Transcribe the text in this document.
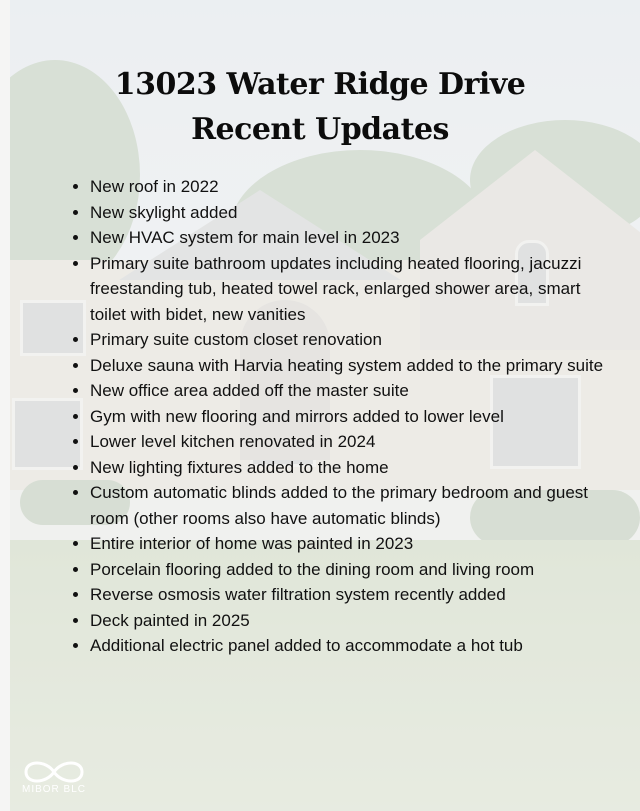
13023 Water Ridge Drive
Recent Updates
• New roof in 2022
• New skylight added
• New HVAC system for main level in 2023
• Primary suite bathroom updates including heated flooring, jacuzzi freestanding tub, heated towel rack, enlarged shower area, smart toilet with bidet, new vanities
• Primary suite custom closet renovation
• Deluxe sauna with Harvia heating system added to the primary suite
• New office area added off the master suite
• Gym with new flooring and mirrors added to lower level
• Lower level kitchen renovated in 2024
• New lighting fixtures added to the home
• Custom automatic blinds added to the primary bedroom and guest room (other rooms also have automatic blinds)
• Entire interior of home was painted in 2023
• Porcelain flooring added to the dining room and living room
• Reverse osmosis water filtration system recently added
• Deck painted in 2025
• Additional electric panel added to accommodate a hot tub
MIBOR BLC
